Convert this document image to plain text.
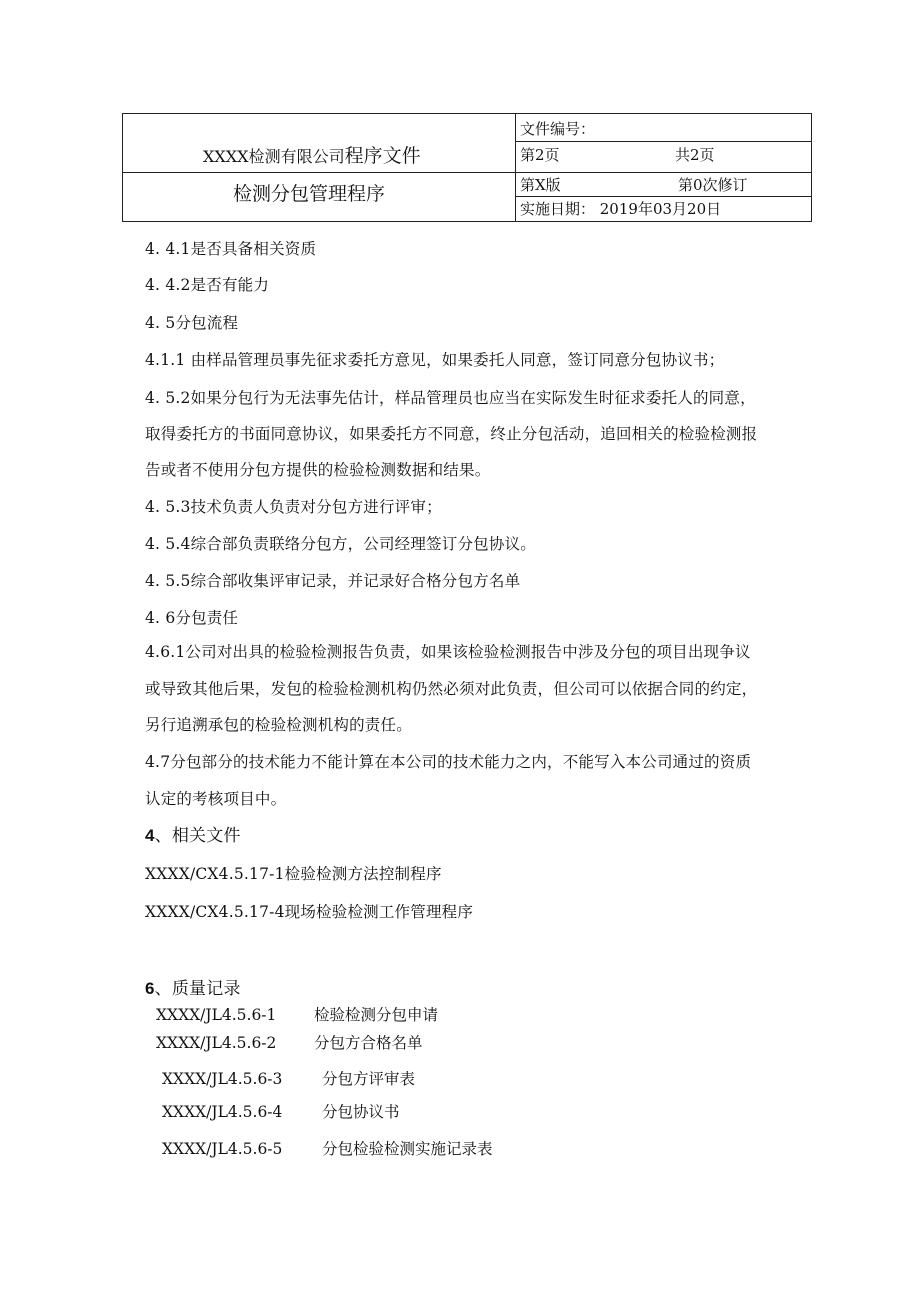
XXXX检测有限公司程序文件
检测分包管理程序
文件编号：
第2页	共2页
第X版	第0次修订
实施日期： 2019年03月20日
4. 4.1是否具备相关资质
4. 4.2是否有能力
4. 5分包流程
4.1.1 由样品管理员事先征求委托方意见，如果委托人同意，签订同意分包协议书；
4. 5.2如果分包行为无法事先估计，样品管理员也应当在实际发生时征求委托人的同意，
取得委托方的书面同意协议，如果委托方不同意，终止分包活动，追回相关的检验检测报
告或者不使用分包方提供的检验检测数据和结果。
4. 5.3技术负责人负责对分包方进行评审；
4. 5.4综合部负责联络分包方，公司经理签订分包协议。
4. 5.5综合部收集评审记录，并记录好合格分包方名单
4. 6分包责任
4.6.1公司对出具的检验检测报告负责，如果该检验检测报告中涉及分包的项目出现争议
或导致其他后果，发包的检验检测机构仍然必须对此负责，但公司可以依据合同的约定，
另行追溯承包的检验检测机构的责任。
4.7分包部分的技术能力不能计算在本公司的技术能力之内，不能写入本公司通过的资质
认定的考核项目中。
4、相关文件
XXXX/CX4.5.17-1检验检测方法控制程序
XXXX/CX4.5.17-4现场检验检测工作管理程序
6、质量记录
XXXX/JL4.5.6-1 检验检测分包申请
XXXX/JL4.5.6-2 分包方合格名单
XXXX/JL4.5.6-3	分包方评审表
XXXX/JL4.5.6-4	分包协议书
XXXX/JL4.5.6-5	分包检验检测实施记录表
